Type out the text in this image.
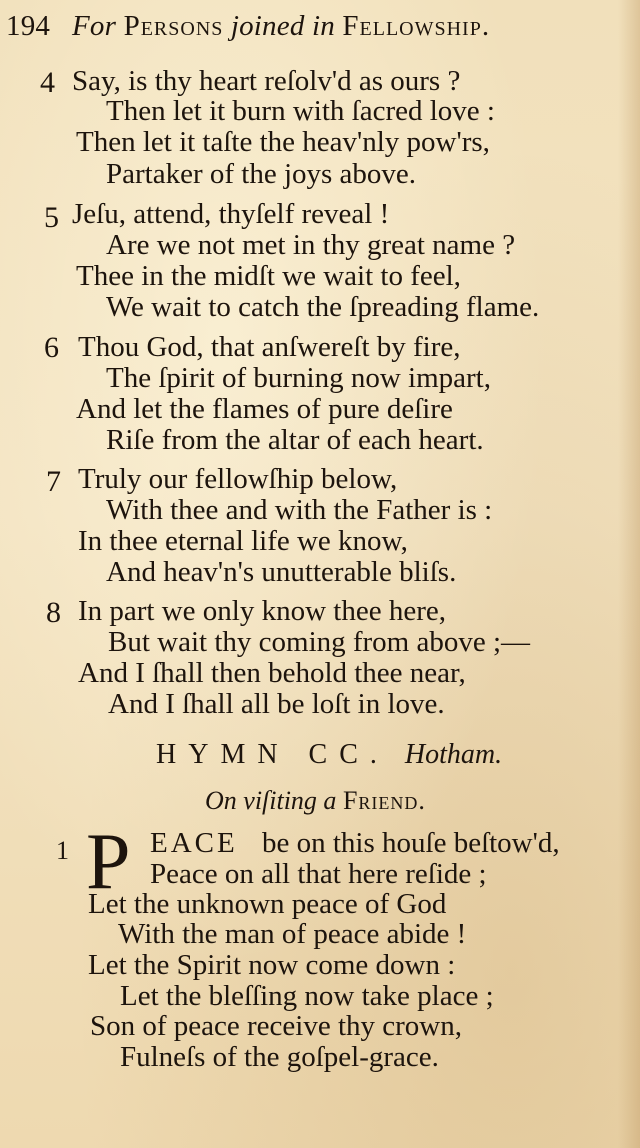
194 For Persons joined in Fellowship.
4 Say, is thy heart reſolv'd as ours ?
Then let it burn with ſacred love :
Then let it taſte the heav'nly pow'rs,
Partaker of the joys above.
5 Jeſu, attend, thyſelf reveal !
Are we not met in thy great name ?
Thee in the midſt we wait to feel,
We wait to catch the ſpreading flame.
6 Thou God, that anſwereſt by fire,
The ſpirit of burning now impart,
And let the flames of pure deſire
Riſe from the altar of each heart.
7 Truly our fellowſhip below,
With thee and with the Father is :
In thee eternal life we know,
And heav'n's unutterable bliſs.
8 In part we only know thee here,
But wait thy coming from above ;—
And I ſhall then behold thee near,
And I ſhall all be loſt in love.
HYMN CC. Hotham.
On viſiting a Friend.
1 P EACE be on this houſe beſtow'd,
Peace on all that here reſide ;
Let the unknown peace of God
With the man of peace abide !
Let the Spirit now come down :
Let the bleſſing now take place ;
Son of peace receive thy crown,
Fulneſs of the goſpel-grace.
